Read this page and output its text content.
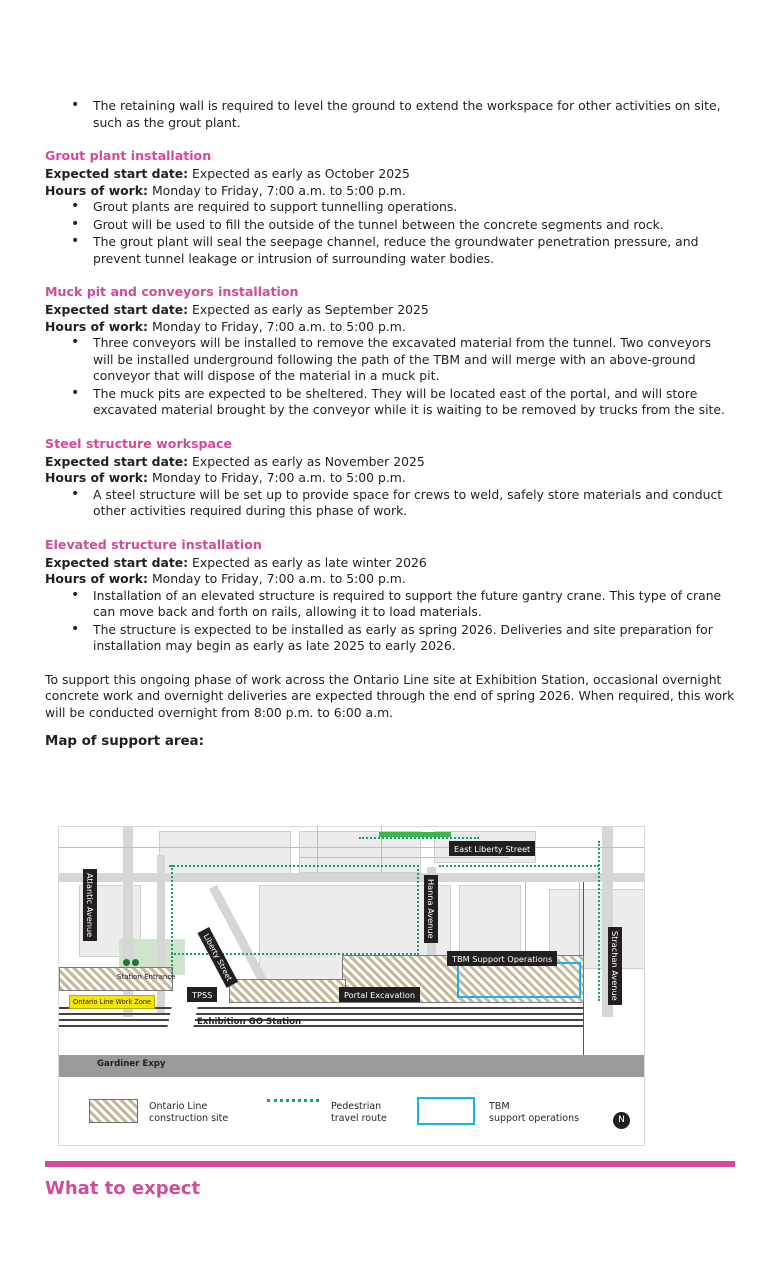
• The retaining wall is required to level the ground to extend the workspace for other activities on site, such as the grout plant.
Grout plant installation

Expected start date: Expected as early as October 2025

Hours of work: Monday to Friday, 7:00 a.m. to 5:00 p.m.

• Grout plants are required to support tunnelling operations.
• Grout will be used to fill the outside of the tunnel between the concrete segments and rock.
• The grout plant will seal the seepage channel, reduce the groundwater penetration pressure, and prevent tunnel leakage or intrusion of surrounding water bodies.
Muck pit and conveyors installation

Expected start date: Expected as early as September 2025

Hours of work: Monday to Friday, 7:00 a.m. to 5:00 p.m.

• Three conveyors will be installed to remove the excavated material from the tunnel. Two conveyors will be installed underground following the path of the TBM and will merge with an above-ground conveyor that will dispose of the material in a muck pit.
• The muck pits are expected to be sheltered. They will be located east of the portal, and will store excavated material brought by the conveyor while it is waiting to be removed by trucks from the site.
Steel structure workspace

Expected start date: Expected as early as November 2025

Hours of work: Monday to Friday, 7:00 a.m. to 5:00 p.m.

• A steel structure will be set up to provide space for crews to weld, safely store materials and conduct other activities required during this phase of work.
Elevated structure installation

Expected start date: Expected as early as late winter 2026

Hours of work: Monday to Friday, 7:00 a.m. to 5:00 p.m.

• Installation of an elevated structure is required to support the future gantry crane. This type of crane can move back and forth on rails, allowing it to load materials.
• The structure is expected to be installed as early as spring 2026. Deliveries and site preparation for installation may begin as early as late 2025 to early 2026.

To support this ongoing phase of work across the Ontario Line site at Exhibition Station, occasional overnight concrete work and overnight deliveries are expected through the end of spring 2026. When required, this work will be conducted overnight from 8:00 p.m. to 6:00 a.m.

Map of support area:

East Liberty Street
Atlantic Avenue	Hanna Avenue
Strachan Avenue
Liberty Street	TBM Support Operations
Portal Excavation
TPSS
Station Entrance
Ontario Line Work Zone
Exhibition GO Station
Gardiner Expy
Ontario Line
construction site
Pedestrian
travel route
TBM
support operations	N
What to expect
